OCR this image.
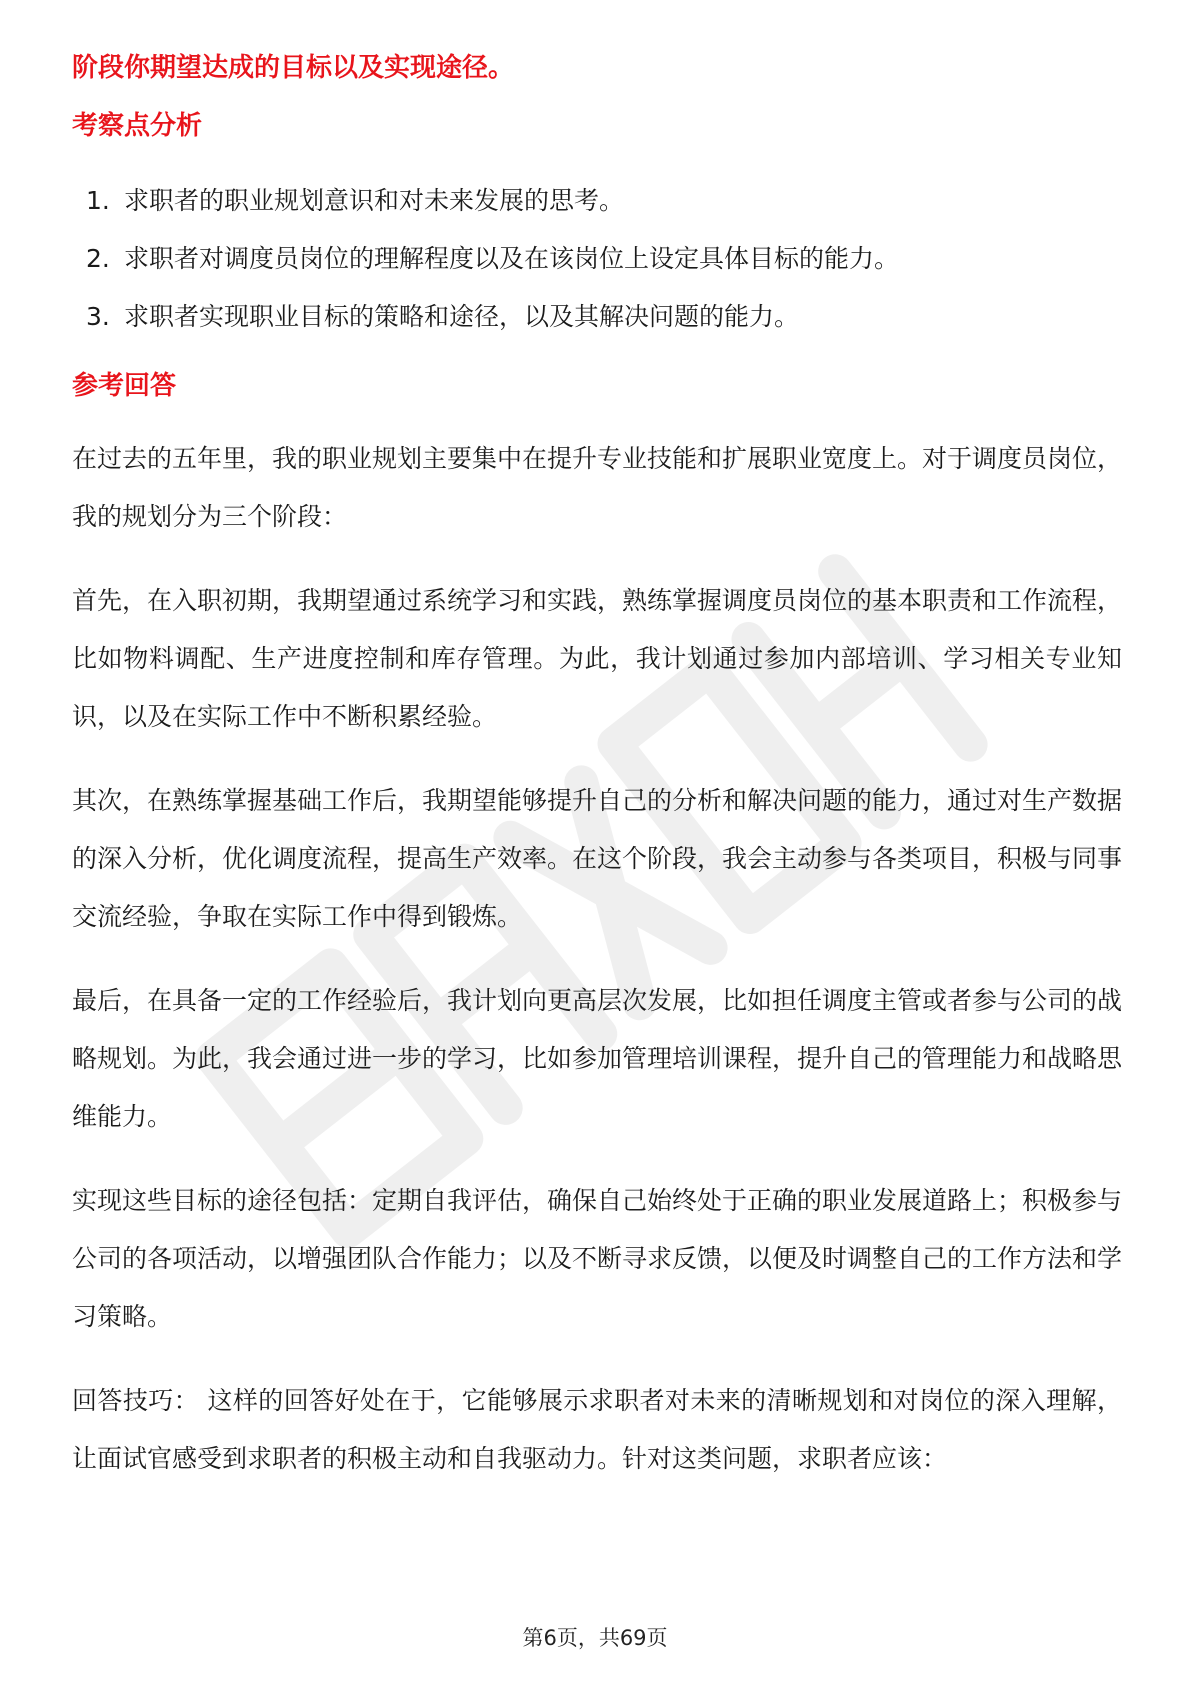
阶段你期望达成的目标以及实现途径。

考察点分析

1. 求职者的职业规划意识和对未来发展的思考。
2. 求职者对调度员岗位的理解程度以及在该岗位上设定具体目标的能力。
3. 求职者实现职业目标的策略和途径，以及其解决问题的能力。

参考回答

在过去的五年里，我的职业规划主要集中在提升专业技能和扩展职业宽度上。对于调度员岗位，我的规划分为三个阶段：

首先，在入职初期，我期望通过系统学习和实践，熟练掌握调度员岗位的基本职责和工作流程，比如物料调配、生产进度控制和库存管理。为此，我计划通过参加内部培训、学习相关专业知识，以及在实际工作中不断积累经验。

其次，在熟练掌握基础工作后，我期望能够提升自己的分析和解决问题的能力，通过对生产数据的深入分析，优化调度流程，提高生产效率。在这个阶段，我会主动参与各类项目，积极与同事交流经验，争取在实际工作中得到锻炼。

最后，在具备一定的工作经验后，我计划向更高层次发展，比如担任调度主管或者参与公司的战略规划。为此，我会通过进一步的学习，比如参加管理培训课程，提升自己的管理能力和战略思维能力。

实现这些目标的途径包括：定期自我评估，确保自己始终处于正确的职业发展道路上；积极参与公司的各项活动，以增强团队合作能力；以及不断寻求反馈，以便及时调整自己的工作方法和学习策略。

回答技巧： 这样的回答好处在于，它能够展示求职者对未来的清晰规划和对岗位的深入理解，让面试官感受到求职者的积极主动和自我驱动力。针对这类问题，求职者应该：

第6页，共69页
